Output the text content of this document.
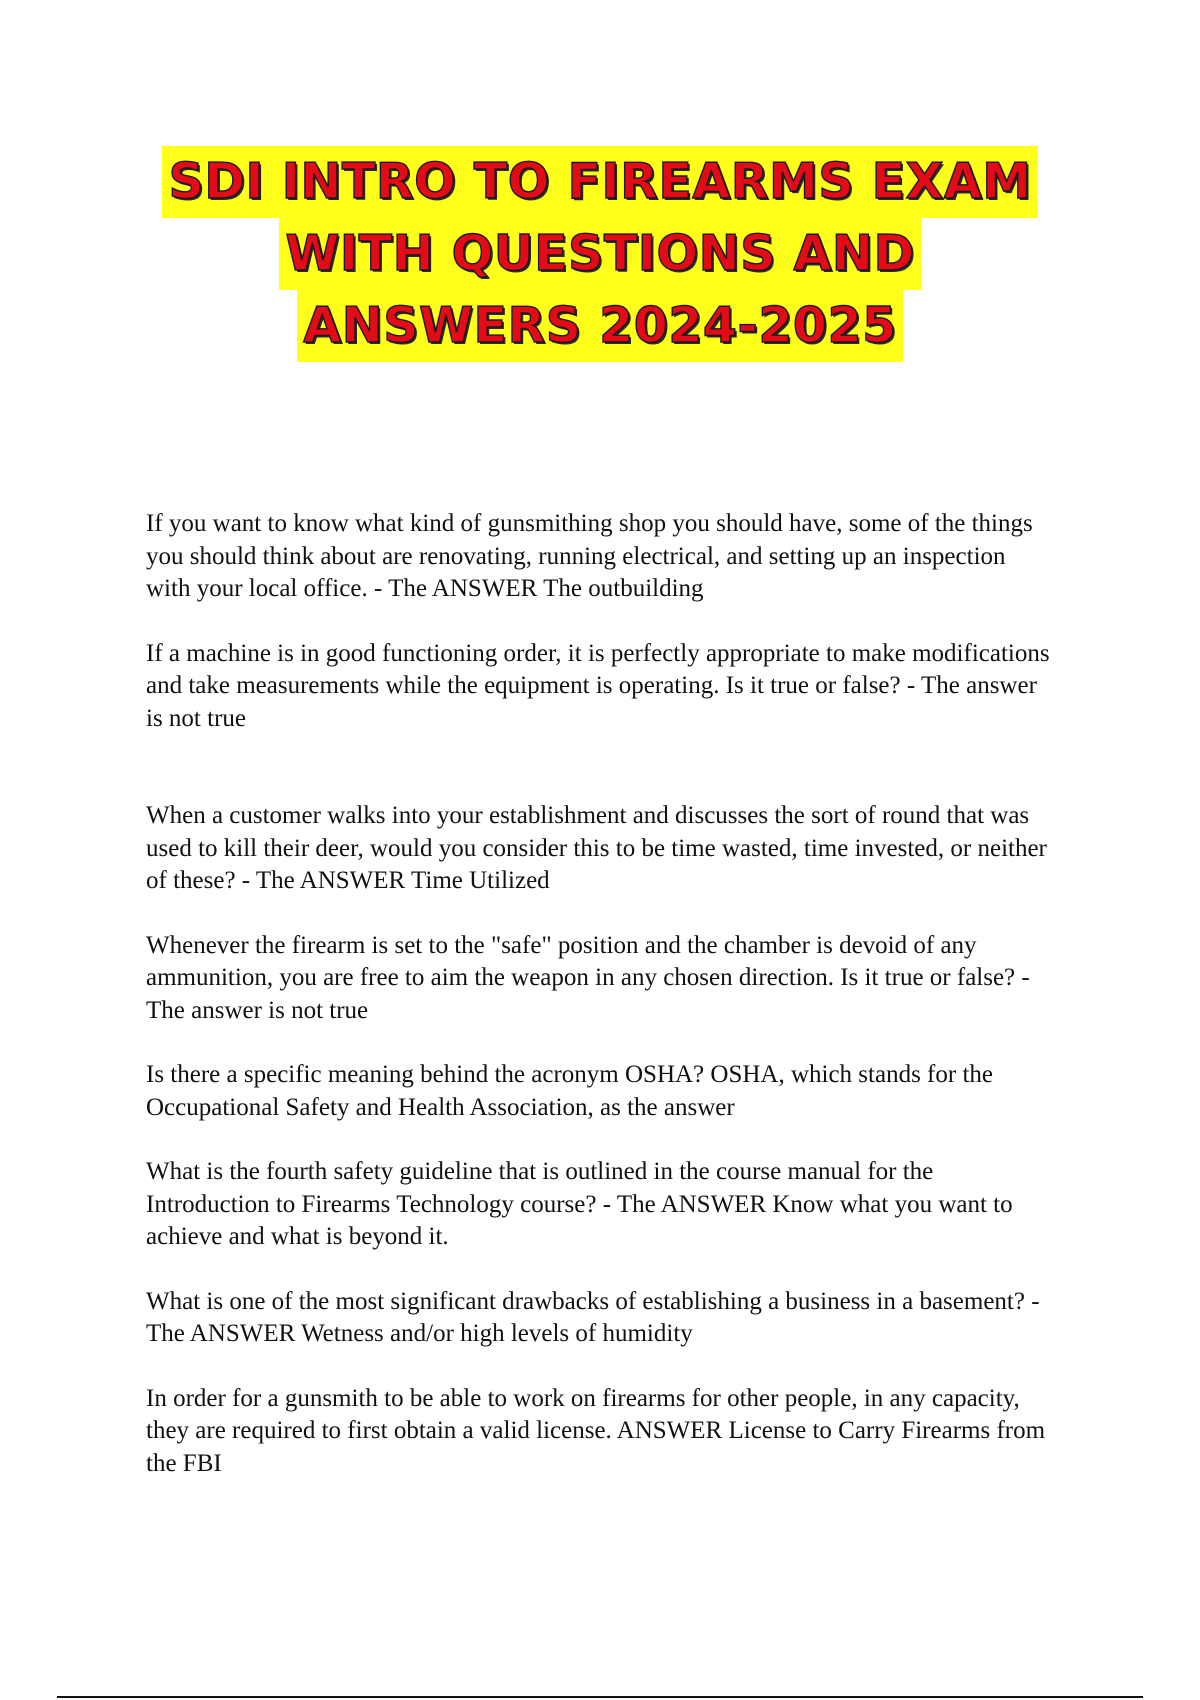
SDI INTRO TO FIREARMS EXAM
WITH QUESTIONS AND
ANSWERS 2024-2025

If you want to know what kind of gunsmithing shop you should have, some of the things you should think about are renovating, running electrical, and setting up an inspection with your local office. - The ANSWER The outbuilding

If a machine is in good functioning order, it is perfectly appropriate to make modifications and take measurements while the equipment is operating. Is it true or false? - The answer is not true

When a customer walks into your establishment and discusses the sort of round that was used to kill their deer, would you consider this to be time wasted, time invested, or neither of these? - The ANSWER Time Utilized

Whenever the firearm is set to the "safe" position and the chamber is devoid of any ammunition, you are free to aim the weapon in any chosen direction. Is it true or false? - The answer is not true

Is there a specific meaning behind the acronym OSHA? OSHA, which stands for the Occupational Safety and Health Association, as the answer

What is the fourth safety guideline that is outlined in the course manual for the Introduction to Firearms Technology course? - The ANSWER Know what you want to achieve and what is beyond it.

What is one of the most significant drawbacks of establishing a business in a basement? - The ANSWER Wetness and/or high levels of humidity

In order for a gunsmith to be able to work on firearms for other people, in any capacity, they are required to first obtain a valid license. ANSWER License to Carry Firearms from the FBI
